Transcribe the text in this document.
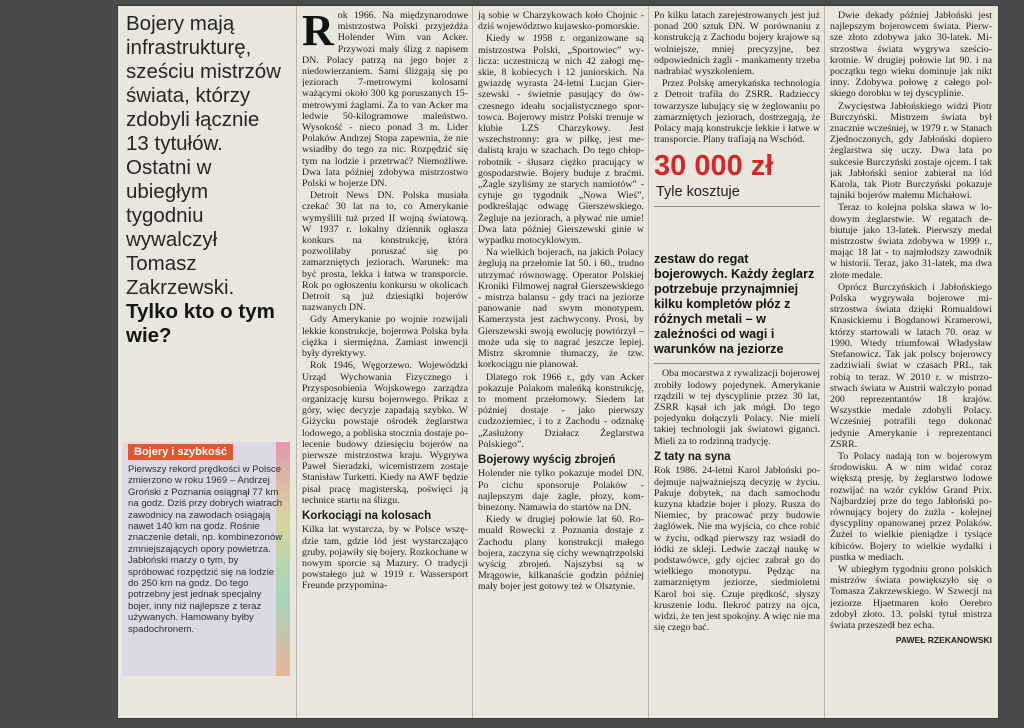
Bojery mają infrastrukturę, sześciu mistrzów świata, którzy zdobyli łącznie 13 tytułów. Ostatni w ubiegłym tygodniu wywalczył Tomasz Zakrzewski. Tylko kto o tym wie?
Bojery i szybkość

Pierwszy rekord prędkości w Polsce zmierzono w roku 1969 – Andrzej Groński z Poznania osiągnął 77 km na godz. Dziś przy dobrych wiatrach zawodnicy na zawodach osiągają nawet 140 km na godz. Rośnie znaczenie detali, np. kombinezonów zmniejszających opory powietrza. Jabłoński marzy o tym, by spróbować rozpędzić się na lodzie do 250 km na godz. Do tego potrzebny jest jednak specjalny bojer, inny niż najlepsze z teraz używanych. Hamowany byłby spadochronem.

R ok 1966. Na międzynarodowe mistrzostwa Polski przyjeżdża Holender Wim van Acker. Przywozi mały ślizg z napisem DN. Polacy patrzą na jego bojer z niedowierzaniem. Sami ślizgają się po jeziorach 7-metrowymi kolosami ważącymi około 300 kg poruszanych 15-metrowymi żaglami. Za to van Acker ma ledwie 50-kilogramowe maleństwo. Wysokość - nieco ponad 3 m. Lider Polaków Andrzej Stopa zapewnia, że nie wsiadłby do tego za nic. Rozpędzić się tym na lodzie i przetrwać? Niemożliwe. Dwa lata później zdobywa mistrzostwo Polski w bojerze DN.

Detroit News DN. Polska musiała czekać 30 lat na to, co Amerykanie wymyślili tuż przed II wojną światową. W 1937 r. lokalny dziennik ogłasza konkurs na konstrukcję, która pozwoliłaby poruszać się po zamarzniętych jeziorach. Warunek: ma być prosta, lekka i łatwa w transporcie. Rok po ogłoszeniu konkursu w okolicach Detroit są już dziesiątki bojerów nazwanych DN.

Gdy Amerykanie po wojnie rozwijali lekkie konstrukcje, bojerowa Polska była ciężka i siermiężna. Zamiast inwencji były dyrektywy.

Rok 1946, Węgorzewo. Wojewódzki Urząd Wychowania Fizycznego i Przysposobienia Wojskowego zarządza organizację kursu bojerowego. Prikaz z góry, więc decyzje zapadają szybko. W Giżycku powstaje ośrodek żeglarstwa lodowego, a pobliska stocznia dostaje polecenie budowy dziesięciu bojerów na pierwsze mistrzostwa kraju. Wygrywa Paweł Sieradzki, wicemistrzem zostaje Stanisław Turketti. Kiedy na AWF będzie pisał pracę magisterską, poświęci ją technice startu na ślizgu.

Korkociągi na kolosach

Kilka lat wystarcza, by w Polsce wszędzie tam, gdzie lód jest wystarczająco gruby, pojawiły się bojery. Rozkochane w nowym sporcie są Mazury. O tradycji powstałego już w 1919 r. Wassersport Freunde przypomina-

ją sobie w Charzykowach koło Chojnic - dziś województwo kujawsko-pomorskie.

Kiedy w 1958 r. organizowane są mistrzostwa Polski, „Sportowiec” wylicza: uczestniczą w nich 42 załogi męskie, 8 kobiecych i 12 juniorskich. Na gwiazdę wyrasta 24-letni Lucjan Gierszewski - świetnie pasujący do ówczesnego ideału socjalistycznego sportowca. Bojerowy mistrz Polski trenuje w klubie LZS Charzykowy. Jest wszechstronny: gra w piłkę, jest medalistą kraju w szachach. Do tego chłop-robotnik - ślusarz ciężko pracujący w gospodarstwie. Bojery buduje z braćmi. „Żagle szyliśmy ze starych namiotów” - cytuje go tygodnik „Nowa Wieś”, podkreślając odwagę Gierszewskiego. Żegluje na jeziorach, a pływać nie umie! Dwa lata później Gierszewski ginie w wypadku motocyklowym.

Na wielkich bojerach, na jakich Polacy żeglują na przełomie lat 50. i 60., trudno utrzymać równowagę. Operator Polskiej Kroniki Filmowej nagrał Gierszewskiego - mistrza balansu - gdy traci na jeziorze panowanie nad swym monotypem. Kamerzysta jest zachwycony. Prosi, by Gierszewski swoją ewolucję powtórzył – może uda się to nagrać jeszcze lepiej. Mistrz skromnie tłumaczy, że tzw. korkociągu nie planował.

Dlatego rok 1966 r., gdy van Acker pokazuje Polakom maleńką konstrukcję, to moment przełomowy. Siedem lat później dostaje - jako pierwszy cudzoziemiec, i to z Zachodu - odznakę „Zasłużony Działacz Żeglarstwa Polskiego”.

Bojerowy wyścig zbrojeń

Holender nie tylko pokazuje model DN. Po cichu sponsoruje Polaków - najlepszym daje żagle, płozy, kombinezony. Namawia do startów na DN.

Kiedy w drugiej połowie lat 60. Romuald Rowecki z Poznania dostaje z Zachodu plany konstrukcji małego bojera, zaczyna się cichy wewnątrzpolski wyścig zbrojeń. Najszybsi są w Mrągowie, kilkanaście godzin później mały bojer jest gotowy też w Olsztynie.

Po kilku latach zarejestrowanych jest już ponad 200 sztuk DN. W porównaniu z konstrukcją z Zachodu bojery krajowe są wolniejsze, mniej precyzyjne, bez odpowiednich żagli - mankamenty trzeba nadrabiać wyszkoleniem.

Przez Polskę amerykańska technologia z Detroit trafiła do ZSRR. Radzieccy towarzysze lubujący się w żeglowaniu po zamarzniętych jeziorach, dostrzegają, że Polacy mają konstrukcje lekkie i łatwe w transporcie. Plany trafiają na Wschód.

30 000 zł
Tyle kosztuje

zestaw do regat bojerowych. Każdy żeglarz potrzebuje przynajmniej kilku kompletów płóz z różnych metali – w zależności od wagi i warunków na jeziorze

Oba mocarstwa z rywalizacji bojerowej zrobiły lodowy pojedynek. Amerykanie rządzili w tej dyscyplinie przez 30 lat, ZSRR kąsał ich jak mógł. Do tego pojedynku dołączyli Polacy. Nie mieli takiej technologii jak światowi giganci. Mieli za to rodzinną tradycję.

Z taty na syna

Rok 1986. 24-letni Karol Jabłoński podejmuje najważniejszą decyzję w życiu. Pakuje dobytek, na dach samochodu kuzyna kładzie bojer i płozy. Rusza do Niemiec, by pracować przy budowie żaglówek. Nie ma wyjścia, co chce robić w życiu, odkąd pierwszy raz wsiadł do łódki ze skleji. Ledwie zaczął naukę w podstawówce, gdy ojciec zabrał go do wielkiego monotypu. Pędząc na zamarzniętym jeziorze, siedmioletni Karol boi się. Czuje prędkość, słyszy kruszenie lodu. Ilekroć patrzy na ojca, widzi, że ten jest spokojny. A więc nie ma się czego bać.

Dwie dekady później Jabłoński jest najlepszym bojerowcem świata. Pierwsze złoto zdobywa jako 30-latek. Mistrzostwa świata wygrywa sześciokrotnie. W drugiej połowie lat 90. i na początku tego wieku dominuje jak nikt inny. Zdobywa połowę z całego polskiego dorobku w tej dyscyplinie.

Zwycięstwa Jabłońskiego widzi Piotr Burczyński. Mistrzem świata był znacznie wcześniej, w 1979 r. w Stanach Zjednoczonych, gdy Jabłoński dopiero żeglarstwa się uczy. Dwa lata po sukcesie Burczyński zostaje ojcem. I tak jak Jabłoński senior zabierał na lód Karola, tak Piotr Burczyński pokazuje tajniki bojerów małemu Michałowi.

Teraz to kolejna polska sława w lodowym żeglarstwie. W regatach debiutuje jako 13-latek. Pierwszy medal mistrzostw świata zdobywa w 1999 r., mając 18 lat - to najmłodszy zawodnik w historii. Teraz, jako 31-latek, ma dwa złote medale.

Oprócz Burczyńskich i Jabłońskiego Polska wygrywała bojerowe mistrzostwa świata dzięki Romualdowi Knasickiemu i Bogdanowi Kramerowi, którzy startowali w latach 70. oraz w 1990. Wtedy triumfował Władysław Stefanowicz. Tak jak polscy bojerowcy zadziwiali świat w czasach PRL, tak robią to teraz. W 2010 r. w mistrzostwach świata w Austrii walczyło ponad 200 reprezentantów 18 krajów. Wszystkie medale zdobyli Polacy. Wcześniej potrafili tego dokonać jedynie Amerykanie i reprezentanci ZSRR.

To Polacy nadają ton w bojerowym środowisku. A w nim widać coraz większą presję, by żeglarstwo lodowe rozwijać na wzór cyklów Grand Prix. Najbardziej prze do tego Jabłoński porównujący bojery do żużla - kolejnej dyscypliny opanowanej przez Polaków. Żużel to wielkie pieniądze i tysiące kibiców. Bojery to wielkie wydalki i pustka w mediach.

W ubiegłym tygodniu grono polskich mistrzów świata powiększyło się o Tomasza Zakrzewskiego. W Szwecji na jeziorze Hjaetmaren koło Oerebro zdobył złoto. 13. polski tytuł mistrza świata przeszedł bez echa.

PAWEŁ RZEKANOWSKI
